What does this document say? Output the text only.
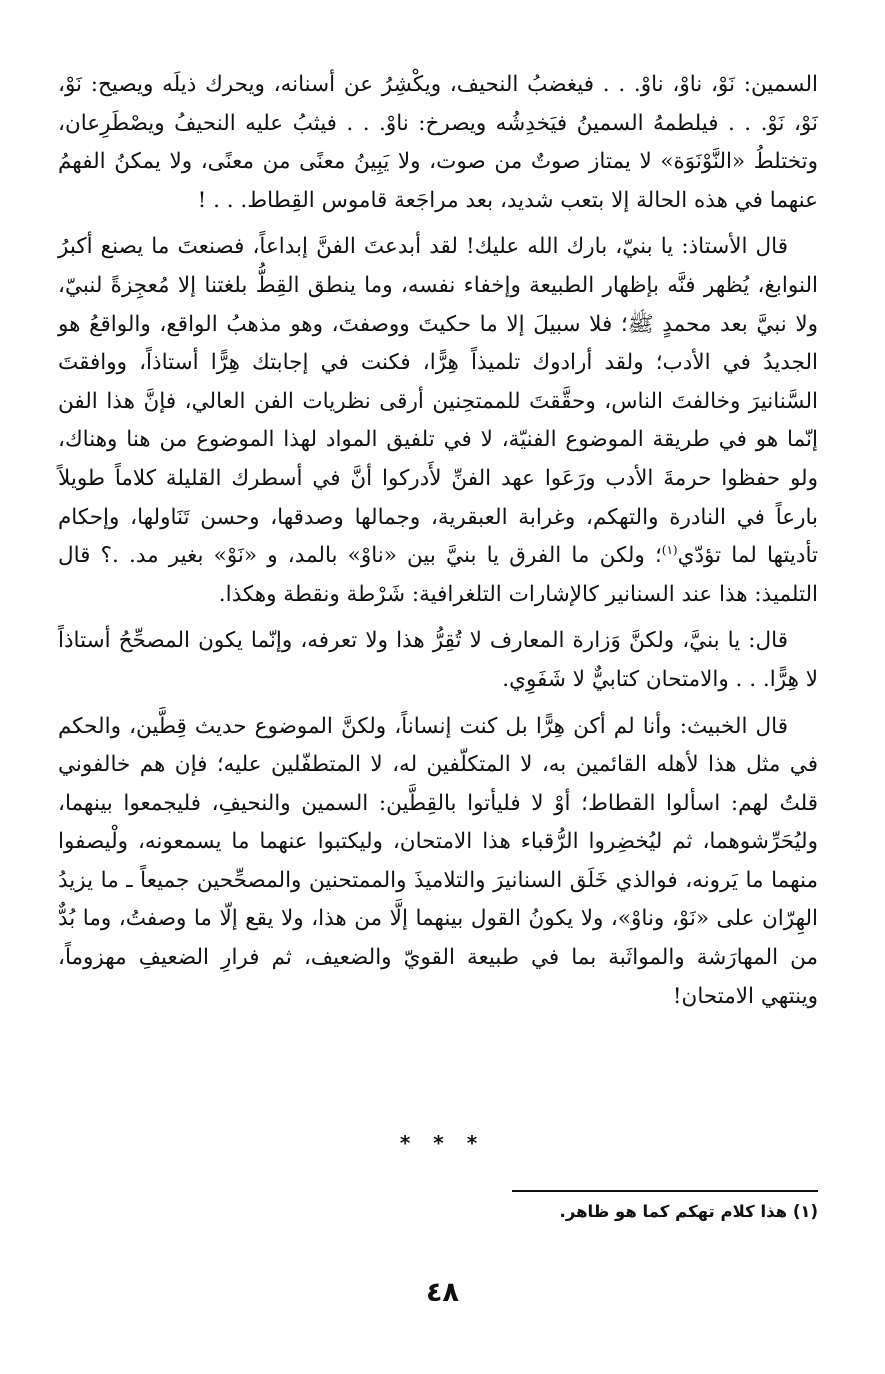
السمين: نَوْ، ناوْ، ناوْ. . . فيغضبُ النحيف، ويكْشِرُ عن أسنانه، ويحرك ذيلَه ويصيح: نَوْ، نَوْ، نَوْ. . . فيلطمهُ السمينُ فيَخدِشُه ويصرخ: ناوْ. . . فيثبُ عليه النحيفُ ويصْطَرِعان، وتختلطُ «النَّوْنَوَة» لا يمتاز صوتٌ من صوت، ولا يَبِينُ معنًى من معنًى، ولا يمكنُ الفهمُ عنهما في هذه الحالة إلا بتعب شديد، بعد مراجَعة قاموس القِطاط. . . !

قال الأستاذ: يا بنيّ، بارك الله عليك! لقد أبدعتَ الفنَّ إبداعاً، فصنعتَ ما يصنع أكبرُ النوابغ، يُظهر فنَّه بإظهار الطبيعة وإخفاء نفسه، وما ينطق القِطُّ بلغتنا إلا مُعجِزةً لنبيّ، ولا نبيَّ بعد محمدٍ ﷺ؛ فلا سبيلَ إلا ما حكيتَ ووصفتَ، وهو مذهبُ الواقع، والواقعُ هو الجديدُ في الأدب؛ ولقد أرادوك تلميذاً هِرًّا، فكنت في إجابتك هِرًّا أستاذاً، ووافقتَ السَّنانيرَ وخالفتَ الناس، وحقَّقتَ للممتحِنين أرقى نظريات الفن العالي، فإنَّ هذا الفن إنّما هو في طريقة الموضوع الفنيّة، لا في تلفيق المواد لهذا الموضوع من هنا وهناك، ولو حفظوا حرمةَ الأدب ورَعَوا عهد الفنِّ لأَدركوا أنَّ في أسطرك القليلة كلاماً طويلاً بارعاً في النادرة والتهكم، وغرابة العبقرية، وجمالها وصدقها، وحسن تَنَاولها، وإحكام تأديتها لما تؤدّي$^{(١)}$؛ ولكن ما الفرق يا بنيَّ بين «ناوْ» بالمد، و «نَوْ» بغير مد. .؟ قال التلميذ: هذا عند السنانير كالإشارات التلغرافية: شَرْطة ونقطة وهكذا.

قال: يا بنيَّ، ولكنَّ وَزارة المعارف لا تُقِرُّ هذا ولا تعرفه، وإنّما يكون المصحِّحُ أستاذاً لا هِرًّا. . . والامتحان كتابيٌّ لا شَفَوِي.

قال الخبيث: وأنا لم أكن هِرًّا بل كنت إنساناً، ولكنَّ الموضوع حديث قِطَّين، والحكم في مثل هذا لأهله القائمين به، لا المتكلّفين له، لا المتطفّلين عليه؛ فإن هم خالفوني قلتُ لهم: اسألوا القطاط؛ أوْ لا فليأتوا بالقِطَّين: السمين والنحيفِ، فليجمعوا بينهما، وليُحَرِّشوهما، ثم ليُخضِروا الرُّقباء هذا الامتحان، وليكتبوا عنهما ما يسمعونه، ولْيصفوا منهما ما يَرونه، فوالذي خَلَق السنانيرَ والتلاميذَ والممتحنين والمصحِّحين جميعاً ـ ما يزيدُ الهِرّان على «نَوْ، وناوْ»، ولا يكونُ القول بينهما إلَّا من هذا، ولا يقع إلّا ما وصفتُ، وما بُدٌّ من المهارَشة والمواثَبة بما في طبيعة القويّ والضعيف، ثم فرارِ الضعيفِ مهزوماً، وينتهي الامتحان!

* * *
(١) هذا كلام تهكم كما هو ظاهر.
٤٨
